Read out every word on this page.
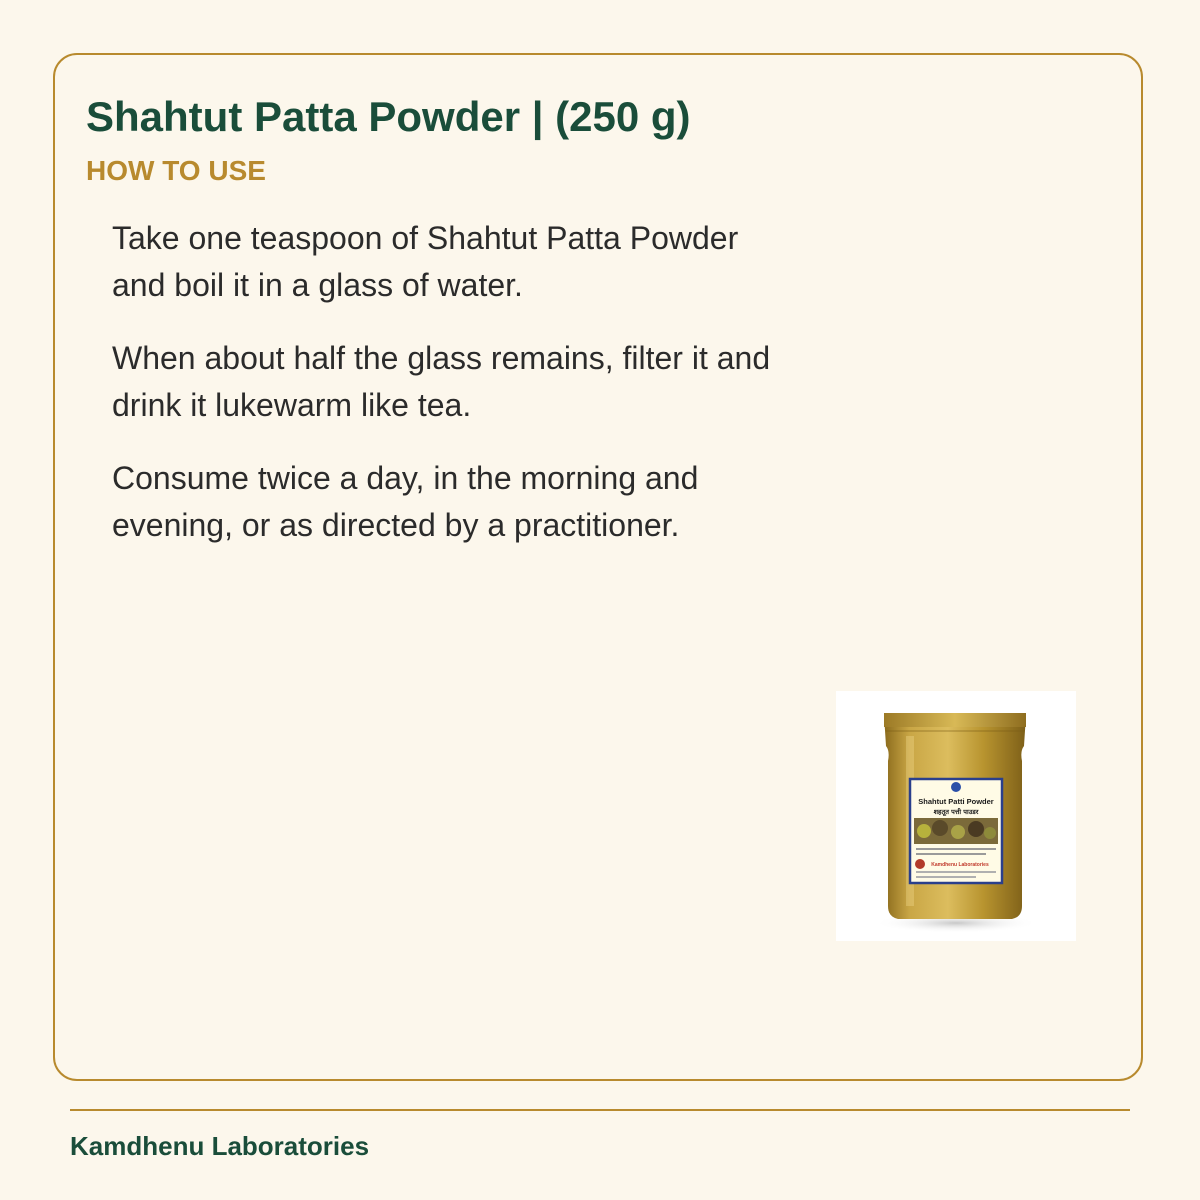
Shahtut Patta Powder | (250 g)
HOW TO USE
Take one teaspoon of Shahtut Patta Powder and boil it in a glass of water.
When about half the glass remains, filter it and drink it lukewarm like tea.
Consume twice a day, in the morning and evening, or as directed by a practitioner.
Shahtut Patti Powder
शहतूत पत्ती पाउडर
Kamdhenu Laboratories
Kamdhenu Laboratories
